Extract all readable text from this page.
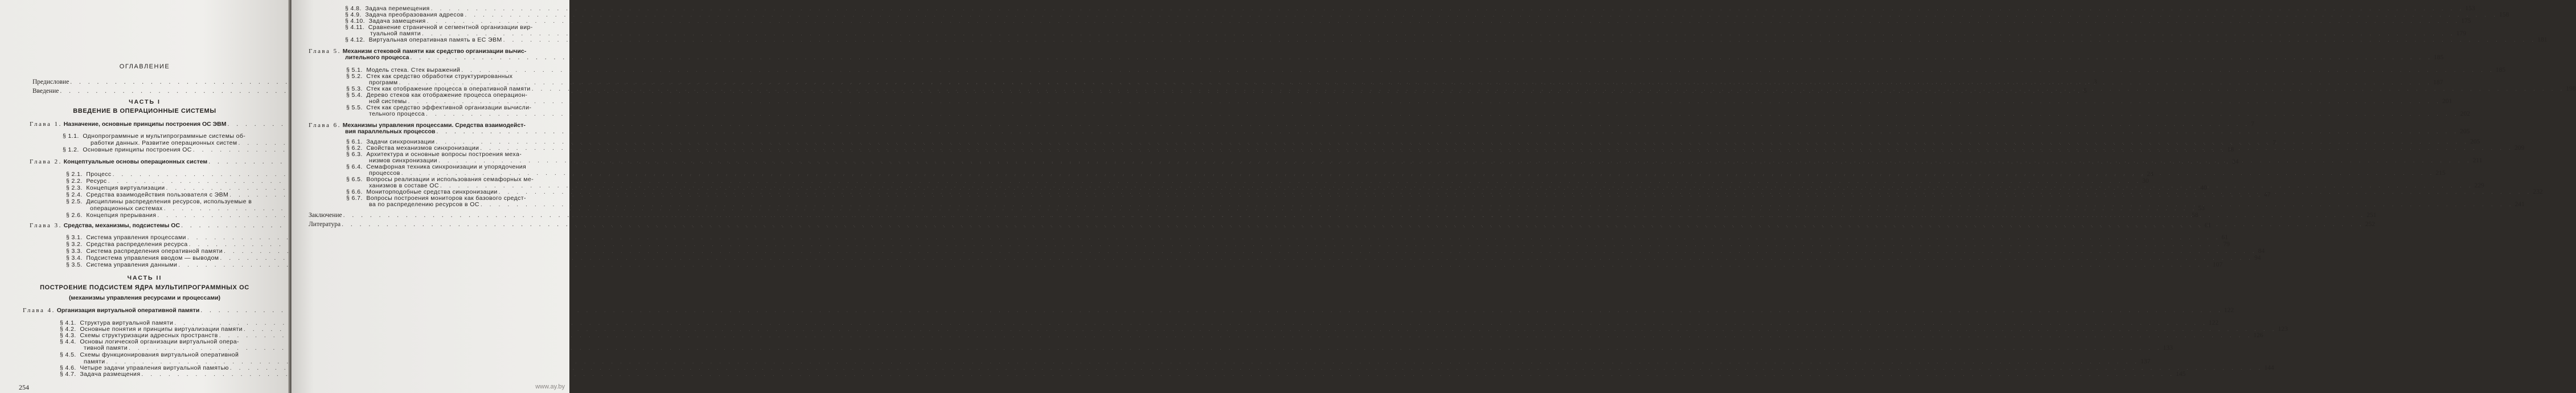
ОГЛАВЛЕНИЕ
Предисловие . . .	3
Введение . . .	5
ЧАСТЬ I
ВВЕДЕНИЕ В ОПЕРАЦИОННЫЕ СИСТЕМЫ
Глава 1. Назначение, основные принципы построения ОС ЭВМ . . .	7
§ 1.1. Однопрограммные и мультипрограммные системы об-
работки данных. Развитие операционных систем . . .	7
§ 1.2. Основные принципы построения ОС . . .	18
Глава 2. Концептуальные основы операционных систем . . .	24
§ 2.1. Процесс . . .	24
§ 2.2. Ресурс . . .	30
§ 2.3. Концепция виртуализации . . .	40
§ 2.4. Средства взаимодействия пользователя с ЭВМ . . .	47
§ 2.5. Дисциплины распределения ресурсов, используемые в
операционных системах . . .	53
§ 2.6. Концепция прерывания . . .	58
Глава 3. Средства, механизмы, подсистемы ОС . . .	61
§ 3.1. Система управления процессами . . .	61
§ 3.2. Средства распределения ресурса . . .	79
§ 3.3. Система распределения оперативной памяти . . .	84
§ 3.4. Подсистема управления вводом — выводом . . .	94
§ 3.5. Система управления данными . . .	107
ЧАСТЬ II
ПОСТРОЕНИЕ ПОДСИСТЕМ ЯДРА МУЛЬТИПРОГРАММНЫХ ОС
(механизмы управления ресурсами и процессами)
Глава 4. Организация виртуальной оперативной памяти . . .	122
§ 4.1. Структура виртуальной памяти . . .	122
§ 4.2. Основные понятия и принципы виртуализации памяти . . .	123
§ 4.3. Схемы структуризации адресных пространств . . .	126
§ 4.4. Основы логической организации виртуальной опера-
тивной памяти . . .	133
§ 4.5. Схемы функционирования виртуальной оперативной
памяти . . .	137
§ 4.6. Четыре задачи управления виртуальной памятью . . .	144
§ 4.7. Задача размещения . . .	145
254
§ 4.8. Задача перемещения . . .	153
§ 4.9. Задача преобразования адресов . . .	158
§ 4.10. Задача замещения . . .	175
§ 4.11. Сравнение страничной и сегментной организации вир-
туальной памяти . . .	179
§ 4.12. Виртуальная оперативная память в ЕС ЭВМ . . .	181
Глава 5. Механизм стековой памяти как средство организации вычис-
лительного процесса . . .	185
§ 5.1. Модель стека. Стек выражений . . .	185
§ 5.2. Стек как средство обработки структурированных
программ . . .	187
§ 5.3. Стек как отображение процесса в оперативной памяти . . .	198
§ 5.4. Дерево стеков как отображение процесса операцион-
ной системы . . .	201
§ 5.5. Стек как средство эффективной организации вычисли-
тельного процесса . . .	202
Глава 6. Механизмы управления процессами. Средства взаимодейст-
вия параллельных процессов . . .	205
§ 6.1. Задачи синхронизации . . .	205
§ 6.2. Свойства механизмов синхронизации . . .	209
§ 6.3. Архитектура и основные вопросы построения меха-
низмов синхронизации . . .	211
§ 6.4. Семафорная техника синхронизации и упорядочения
процессов . . .	215
§ 6.5. Вопросы реализации и использования семафорных ме-
ханизмов в составе ОС . . .	229
§ 6.6. Мониторподобные средства синхронизации . . .	232
§ 6.7. Вопросы построения мониторов как базового средст-
ва по распределению ресурсов в ОС . . .	241
Заключение . . .	251
Литература . . .	252
www.ay.by
